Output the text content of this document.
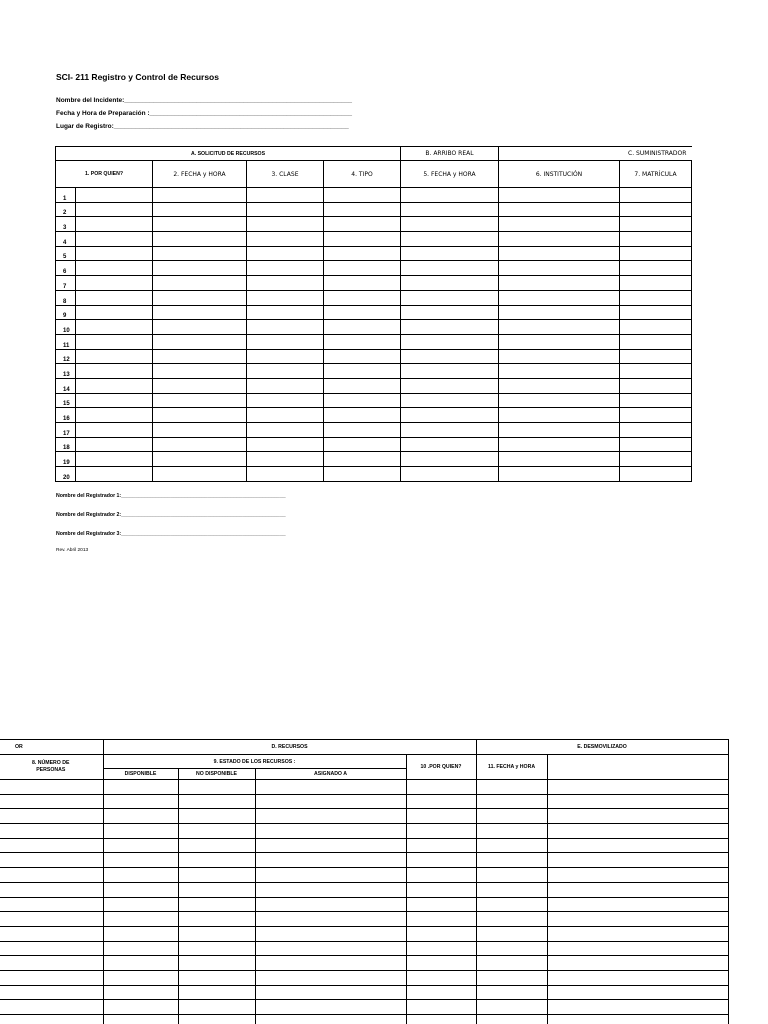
SCI- 211 Registro y Control de Recursos
Nombre del Incidente:_______________________________________________________________
Fecha y Hora de Preparación :________________________________________________________
Lugar de Registro:_________________________________________________________________
A. SOLICITUD DE RECURSOS					B. ARRIBO REAL	C. SUMINISTRADOR		
1. POR QUIEN?		2. FECHA y HORA	3. CLASE	4. TIPO	5. FECHA y HORA	6. INSTITUCIÓN	7. MATRÍCULA	
1								
2								
3								
4								
5								
6								
7								
8								
9								
10								
11								
12								
13								
14								
15								
16								
17								
18								
19								
20								
Nombre del Registrador 1:_________________________________________________________
Nombre del Registrador 2:_________________________________________________________
Nombre del Registrador 3:_________________________________________________________
Rev. Abril 2013
OR	D. RECURSOS				E. DESMOVILIZADO	
8. NÚMERO DE PERSONAS	9. ESTADO DE LOS RECURSOS :			10 .POR QUIEN?	11. FECHA y HORA		
	DISPONIBLE	NO DISPONIBLE	ASIGNADO A				
